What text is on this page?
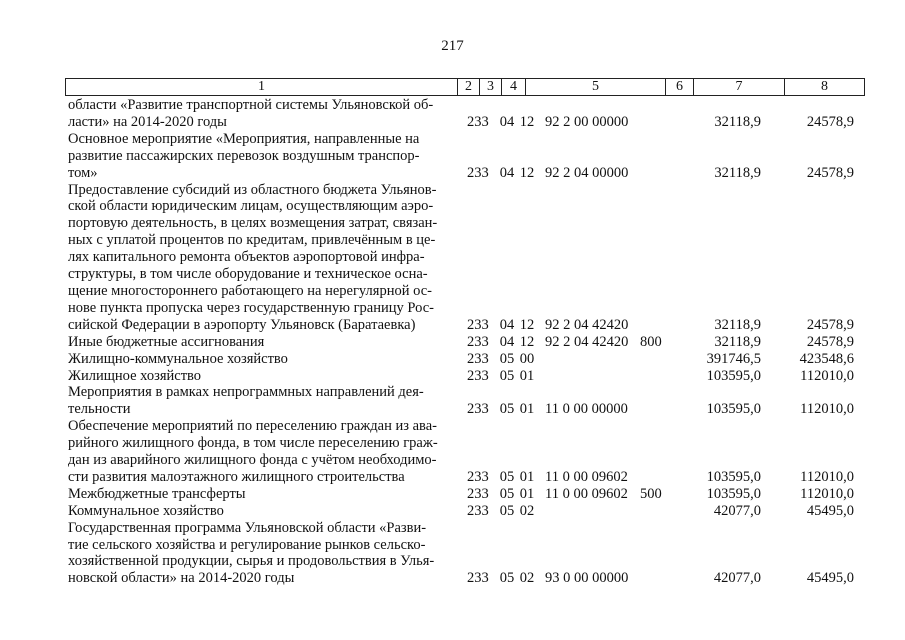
217
1	2	3	4	5	6	7	8
области «Развитие транспортной системы Ульяновской об-
ласти» на 2014-2020 годы	233 04 12 92 2 00 00000	32118,9	24578,9
Основное мероприятие «Мероприятия, направленные на
развитие пассажирских перевозок воздушным транспор-
том»	233 04 12 92 2 04 00000	32118,9	24578,9
Предоставление субсидий из областного бюджета Ульянов-
ской области юридическим лицам, осуществляющим аэро-
портовую деятельность, в целях возмещения затрат, связан-
ных с уплатой процентов по кредитам, привлечённым в це-
лях капитального ремонта объектов аэропортовой инфра-
структуры, в том числе оборудование и техническое осна-
щение многостороннего работающего на нерегулярной ос-
нове пункта пропуска через государственную границу Рос-
сийской Федерации в аэропорту Ульяновск (Баратаевка)	233 04 12 92 2 04 42420	32118,9	24578,9
Иные бюджетные ассигнования	233 04 12 92 2 04 42420 800	32118,9	24578,9
Жилищно-коммунальное хозяйство	233 05 00	391746,5	423548,6
Жилищное хозяйство	233 05 01	103595,0	112010,0
Мероприятия в рамках непрограммных направлений дея-
тельности	233 05 01 11 0 00 00000	103595,0	112010,0
Обеспечение мероприятий по переселению граждан из ава-
рийного жилищного фонда, в том числе переселению граж-
дан из аварийного жилищного фонда с учётом необходимо-
сти развития малоэтажного жилищного строительства	233 05 01 11 0 00 09602	103595,0	112010,0
Межбюджетные трансферты	233 05 01 11 0 00 09602 500	103595,0	112010,0
Коммунальное хозяйство	233 05 02	42077,0	45495,0
Государственная программа Ульяновской области «Разви-
тие сельского хозяйства и регулирование рынков сельско-
хозяйственной продукции, сырья и продовольствия в Улья-
новской области» на 2014-2020 годы	233 05 02 93 0 00 00000	42077,0	45495,0
